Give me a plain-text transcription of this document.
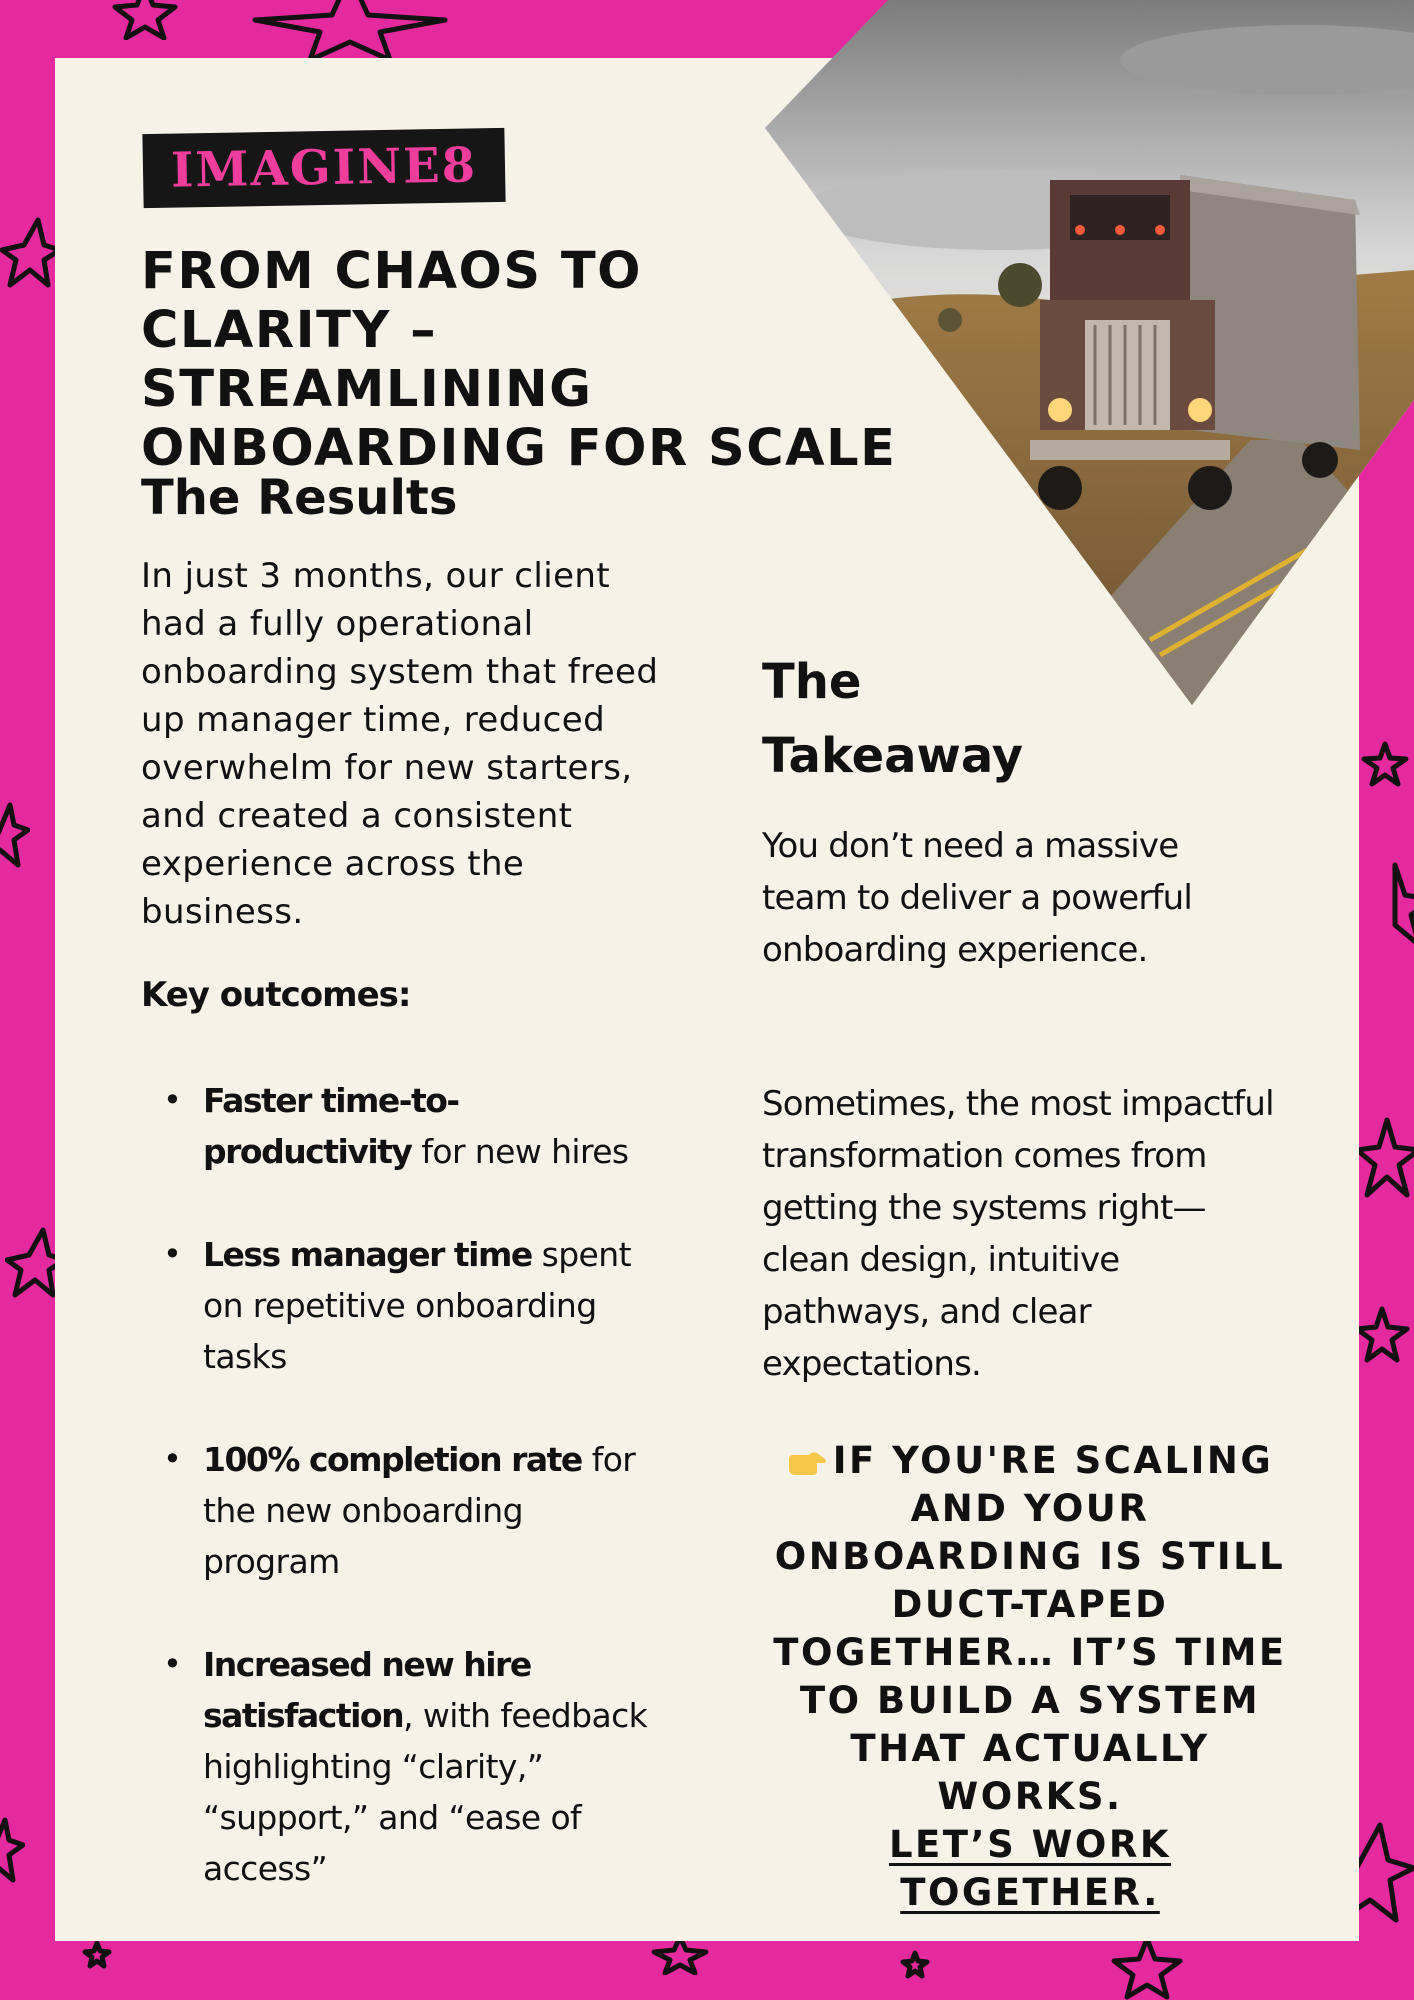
IMAGINE8
FROM CHAOS TO CLARITY – STREAMLINING ONBOARDING FOR SCALE
The Results

In just 3 months, our client had a fully operational onboarding system that freed up manager time, reduced overwhelm for new starters, and created a consistent experience across the business.

Key outcomes:
• Faster time-to-productivity for new hires
• Less manager time spent on repetitive onboarding tasks
• 100% completion rate for the new onboarding program
• Increased new hire satisfaction, with feedback highlighting “clarity,” “support,” and “ease of access”
The
Takeaway

You don’t need a massive team to deliver a powerful onboarding experience.

Sometimes, the most impactful transformation comes from getting the systems right—clean design, intuitive pathways, and clear expectations.

IF YOU'RE SCALING AND YOUR ONBOARDING IS STILL DUCT-TAPED TOGETHER… IT’S TIME TO BUILD A SYSTEM THAT ACTUALLY WORKS.
LET’S WORK TOGETHER.
